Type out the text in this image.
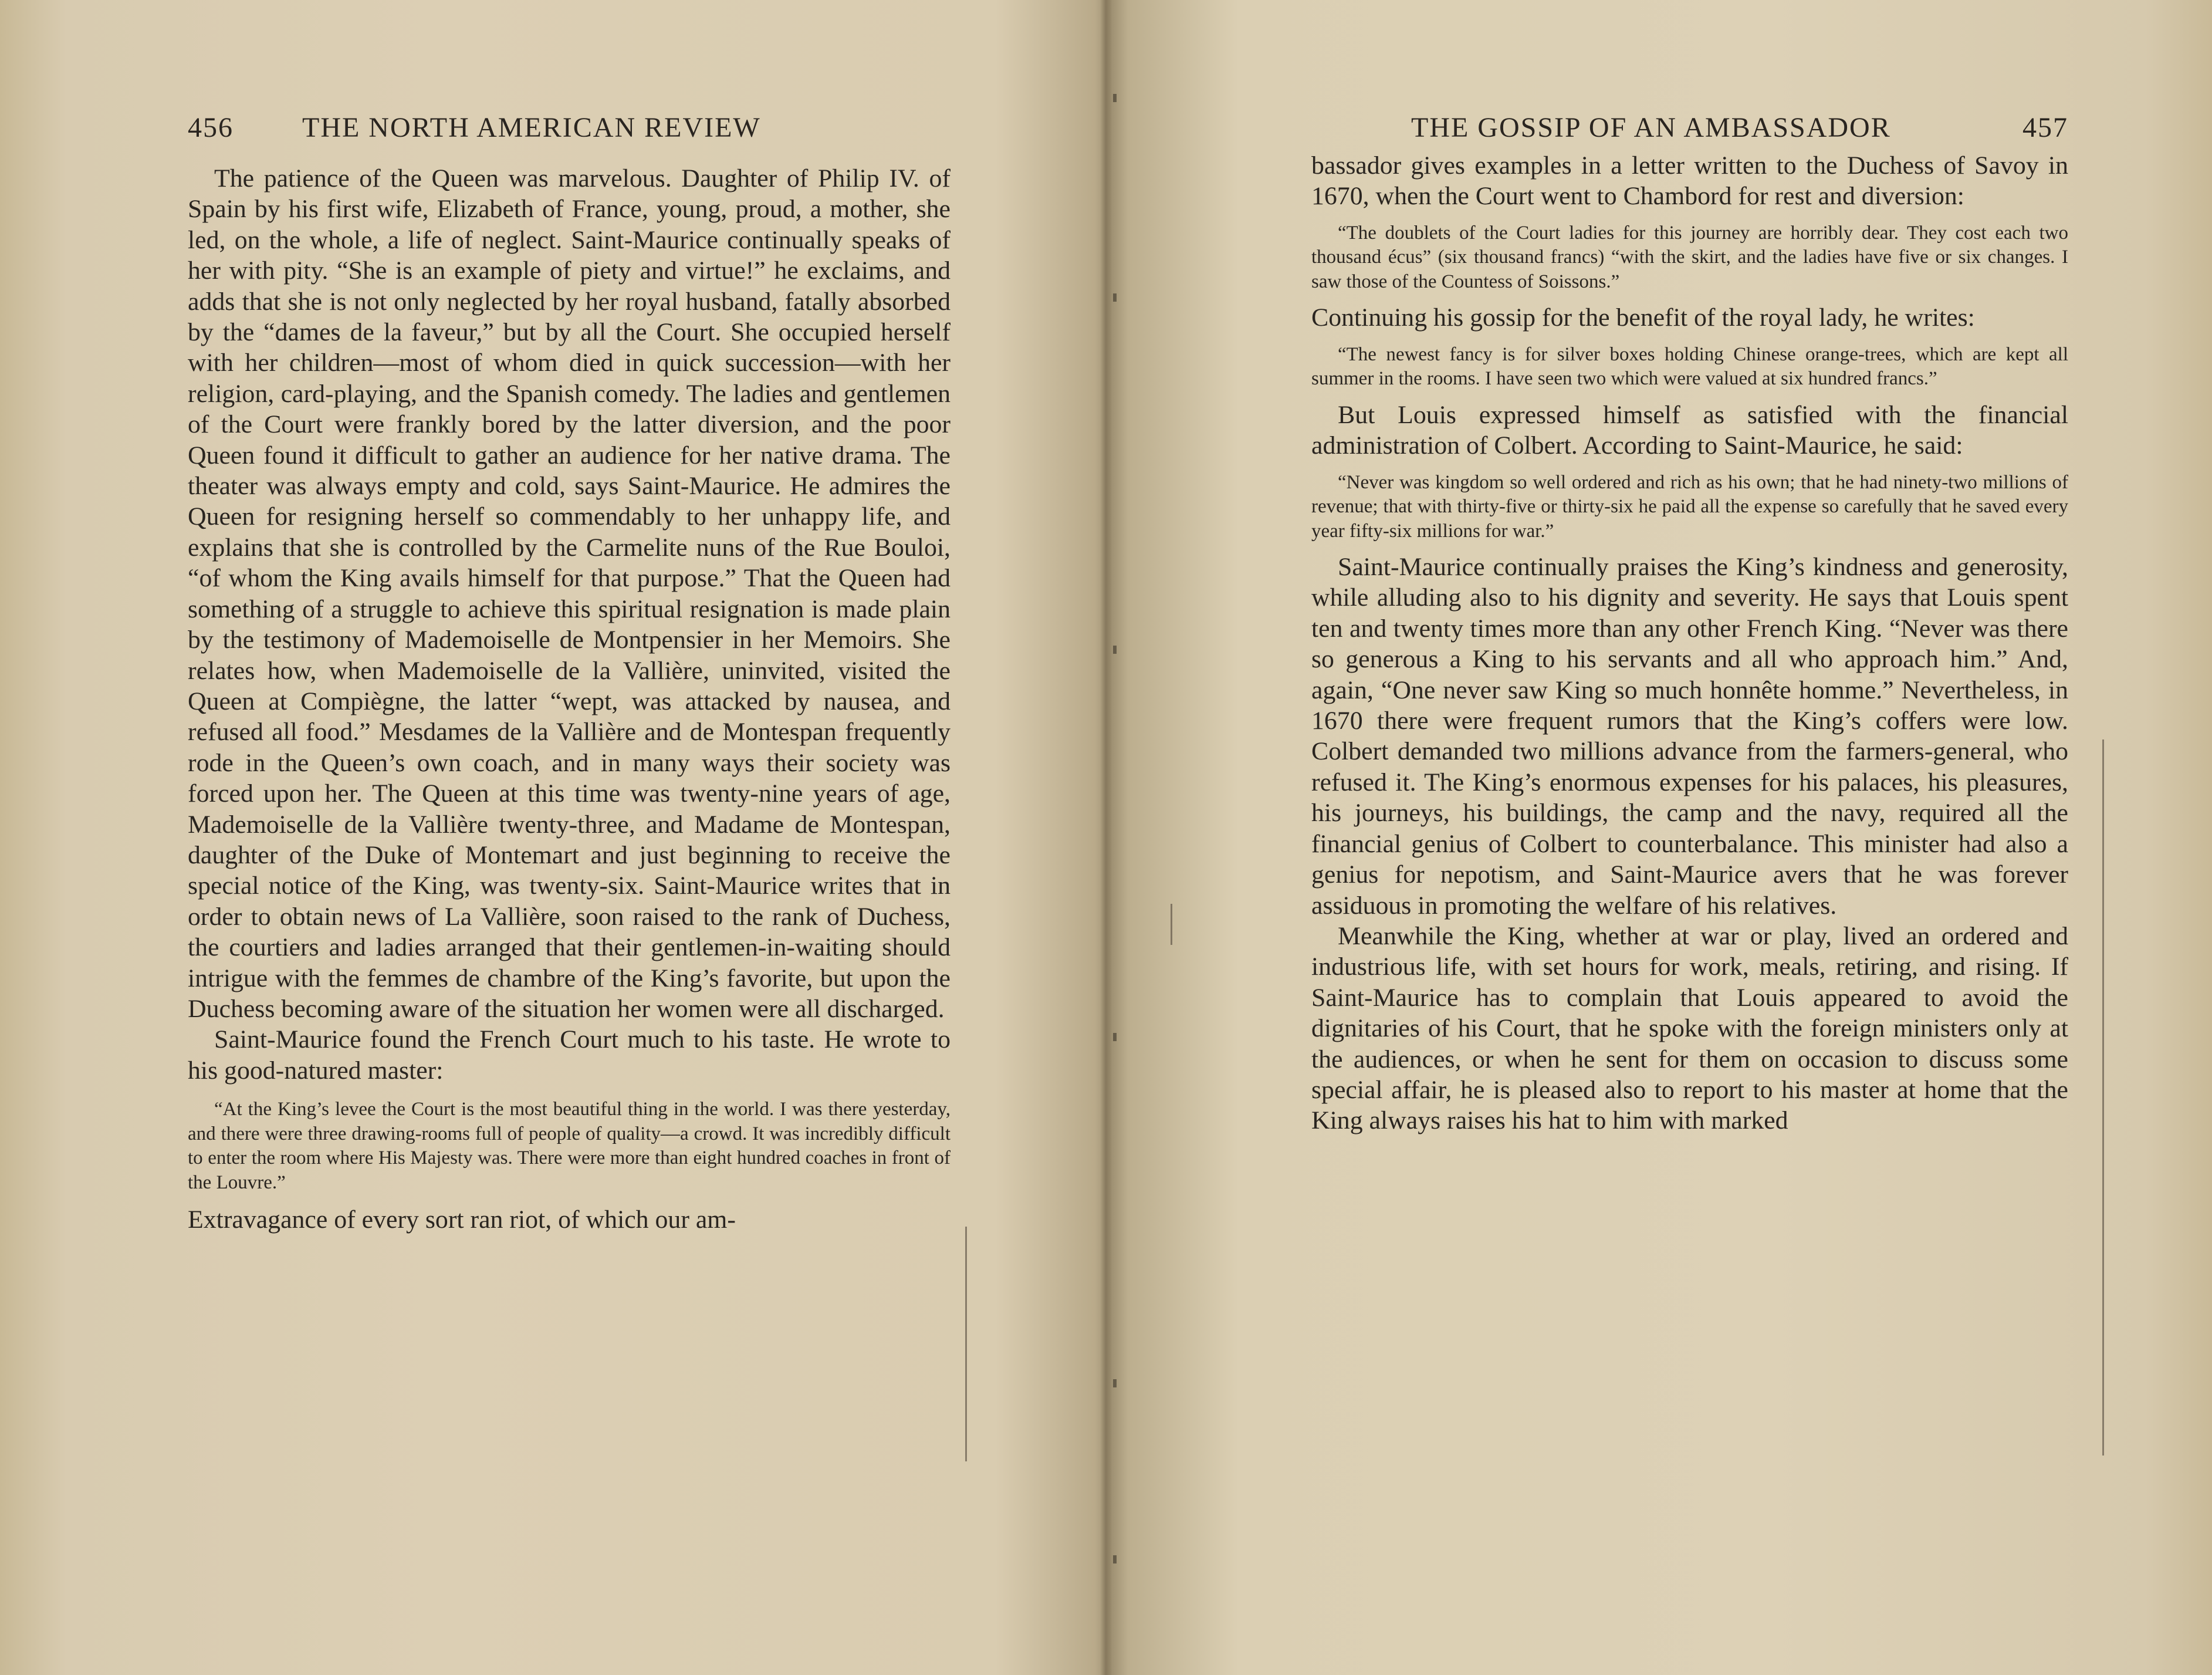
456 THE NORTH AMERICAN REVIEW

The patience of the Queen was marvelous. Daughter of Philip IV. of Spain by his first wife, Elizabeth of France, young, proud, a mother, she led, on the whole, a life of neglect. Saint-Maurice continually speaks of her with pity. “She is an example of piety and virtue!” he exclaims, and adds that she is not only neglected by her royal husband, fatally absorbed by the “dames de la faveur,” but by all the Court. She occupied herself with her children—most of whom died in quick succession—with her religion, card-playing, and the Spanish comedy. The ladies and gentlemen of the Court were frankly bored by the latter diversion, and the poor Queen found it difficult to gather an audience for her native drama. The theater was always empty and cold, says Saint-Maurice. He admires the Queen for resigning herself so commendably to her unhappy life, and explains that she is controlled by the Carmelite nuns of the Rue Bouloi, “of whom the King avails himself for that purpose.” That the Queen had something of a struggle to achieve this spiritual resignation is made plain by the testimony of Mademoiselle de Montpensier in her Memoirs. She relates how, when Mademoiselle de la Vallière, uninvited, visited the Queen at Compiègne, the latter “wept, was attacked by nausea, and refused all food.” Mesdames de la Vallière and de Montespan frequently rode in the Queen’s own coach, and in many ways their society was forced upon her. The Queen at this time was twenty-nine years of age, Mademoiselle de la Vallière twenty-three, and Madame de Montespan, daughter of the Duke of Montemart and just beginning to receive the special notice of the King, was twenty-six. Saint-Maurice writes that in order to obtain news of La Vallière, soon raised to the rank of Duchess, the courtiers and ladies arranged that their gentlemen-in-waiting should intrigue with the femmes de chambre of the King’s favorite, but upon the Duchess becoming aware of the situation her women were all discharged.

Saint-Maurice found the French Court much to his taste. He wrote to his good-natured master:

“At the King’s levee the Court is the most beautiful thing in the world. I was there yesterday, and there were three drawing-rooms full of people of quality—a crowd. It was incredibly difficult to enter the room where His Majesty was. There were more than eight hundred coaches in front of the Louvre.”

Extravagance of every sort ran riot, of which our am-

THE GOSSIP OF AN AMBASSADOR	457

bassador gives examples in a letter written to the Duchess of Savoy in 1670, when the Court went to Chambord for rest and diversion:

“The doublets of the Court ladies for this journey are horribly dear. They cost each two thousand écus” (six thousand francs) “with the skirt, and the ladies have five or six changes. I saw those of the Countess of Soissons.”

Continuing his gossip for the benefit of the royal lady, he writes:

“The newest fancy is for silver boxes holding Chinese orange-trees, which are kept all summer in the rooms. I have seen two which were valued at six hundred francs.”

But Louis expressed himself as satisfied with the financial administration of Colbert. According to Saint-Maurice, he said:

“Never was kingdom so well ordered and rich as his own; that he had ninety-two millions of revenue; that with thirty-five or thirty-six he paid all the expense so carefully that he saved every year fifty-six millions for war.”

Saint-Maurice continually praises the King’s kindness and generosity, while alluding also to his dignity and severity. He says that Louis spent ten and twenty times more than any other French King. “Never was there so generous a King to his servants and all who approach him.” And, again, “One never saw King so much honnête homme.” Nevertheless, in 1670 there were frequent rumors that the King’s coffers were low. Colbert demanded two millions advance from the farmers-general, who refused it. The King’s enormous expenses for his palaces, his pleasures, his journeys, his buildings, the camp and the navy, required all the financial genius of Colbert to counterbalance. This minister had also a genius for nepotism, and Saint-Maurice avers that he was forever assiduous in promoting the welfare of his relatives.

Meanwhile the King, whether at war or play, lived an ordered and industrious life, with set hours for work, meals, retiring, and rising. If Saint-Maurice has to complain that Louis appeared to avoid the dignitaries of his Court, that he spoke with the foreign ministers only at the audiences, or when he sent for them on occasion to discuss some special affair, he is pleased also to report to his master at home that the King always raises his hat to him with marked
